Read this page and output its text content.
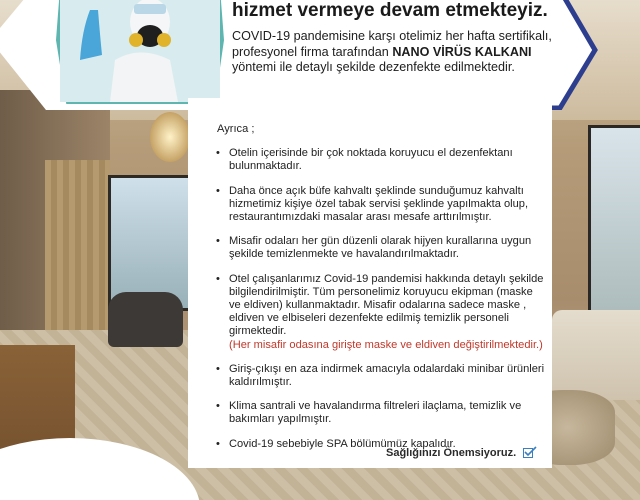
hizmet vermeye devam etmekteyiz.
COVID-19 pandemisine karşı otelimiz her hafta sertifikalı, profesyonel firma tarafından NANO VİRÜS KALKANI yöntemi ile detaylı şekilde dezenfekte edilmektedir.
Ayrıca ;
• Otelin içerisinde bir çok noktada koruyucu el dezenfektanı bulunmaktadır.
• Daha önce açık büfe kahvaltı şeklinde sunduğumuz kahvaltı hizmetimiz kişiye özel tabak servisi şeklinde yapılmakta olup, restaurantımızdaki masalar arası mesafe arttırılmıştır.
• Misafir odaları her gün düzenli olarak hijyen kurallarına uygun şekilde temizlenmekte ve havalandırılmaktadır.
• Otel çalışanlarımız Covid-19 pandemisi hakkında detaylı şekilde bilgilendirilmiştir. Tüm personelimiz koruyucu ekipman (maske ve eldiven) kullanmaktadır. Misafir odalarına sadece maske , eldiven ve elbiseleri dezenfekte edilmiş temizlik personeli girmektedir.
(Her misafir odasına girişte maske ve eldiven değiştirilmektedir.)
• Giriş-çıkışı en aza indirmek amacıyla odalardaki minibar ürünleri kaldırılmıştır.
• Klima santrali ve havalandırma filtreleri ilaçlama, temizlik ve bakımları yapılmıştır.
• Covid-19 sebebiyle SPA bölümümüz kapalıdır.
Sağlığınızı Önemsiyoruz.
